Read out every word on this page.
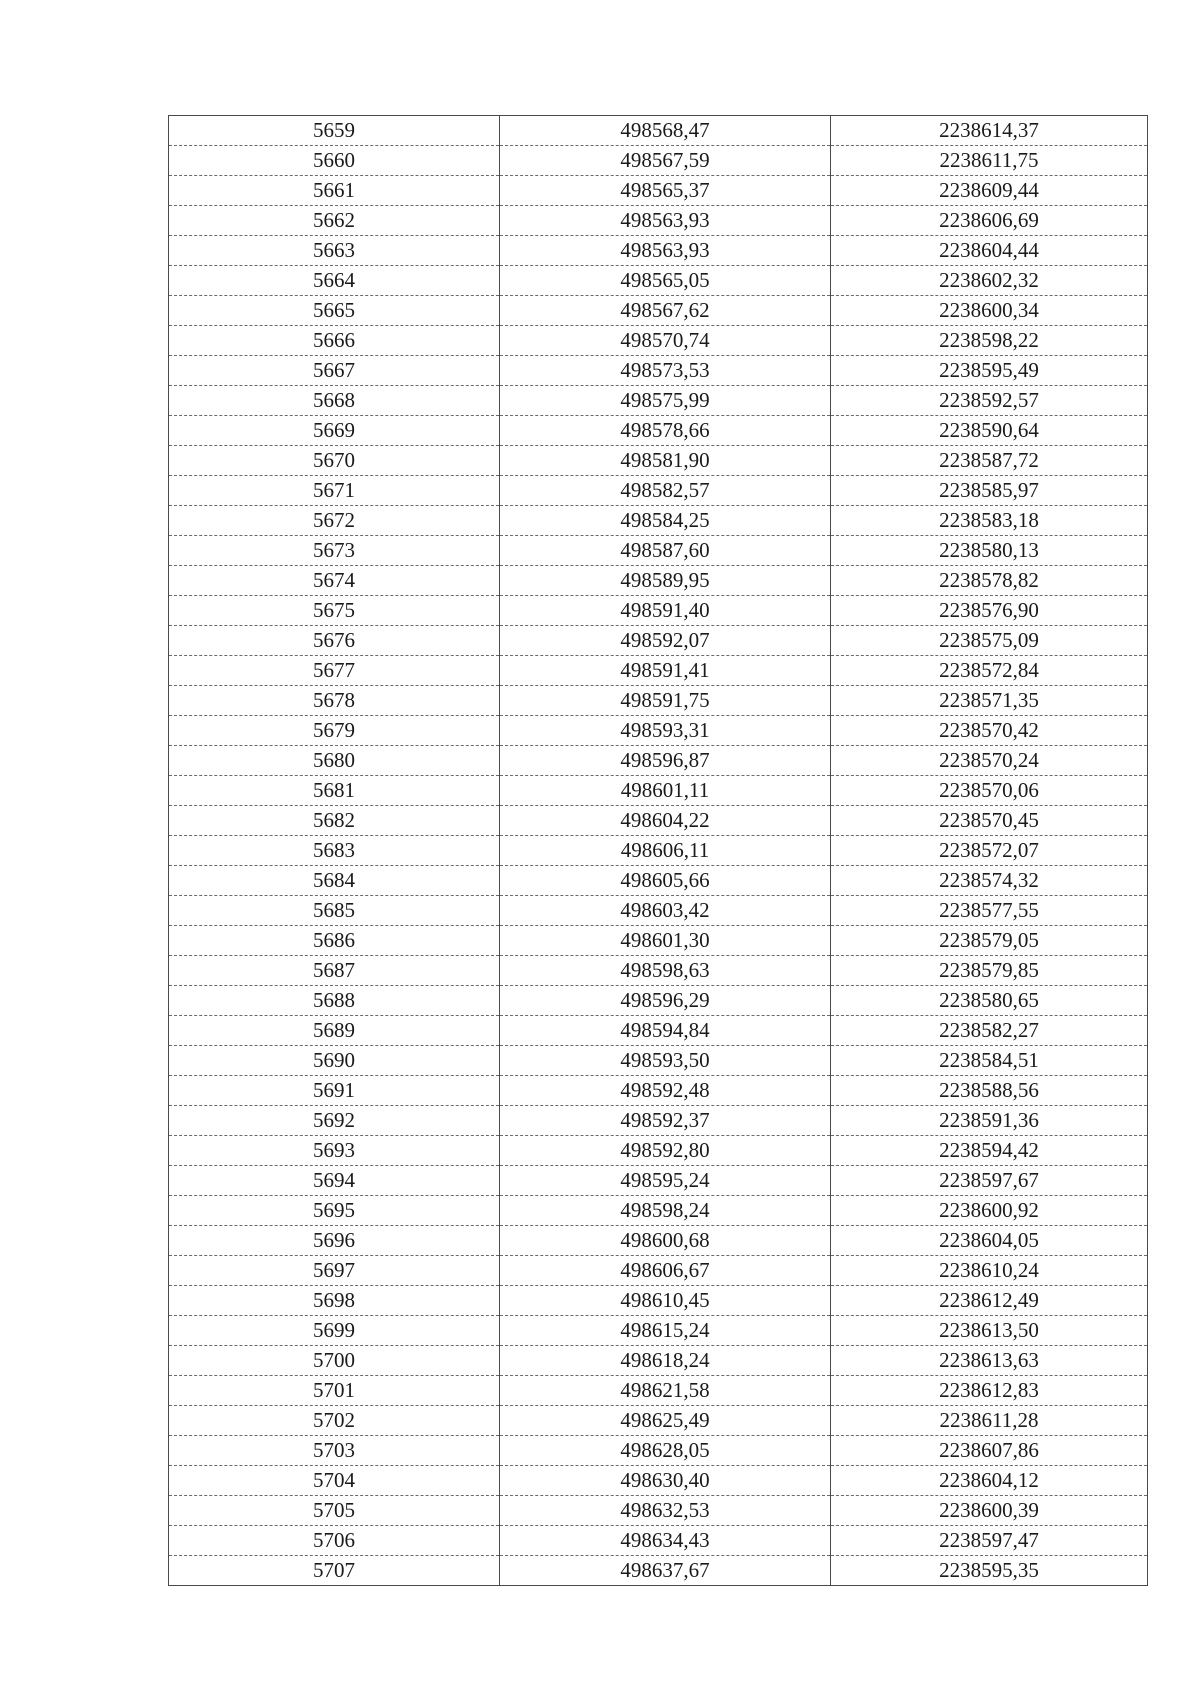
5659	498568,47	2238614,37
5660	498567,59	2238611,75
5661	498565,37	2238609,44
5662	498563,93	2238606,69
5663	498563,93	2238604,44
5664	498565,05	2238602,32
5665	498567,62	2238600,34
5666	498570,74	2238598,22
5667	498573,53	2238595,49
5668	498575,99	2238592,57
5669	498578,66	2238590,64
5670	498581,90	2238587,72
5671	498582,57	2238585,97
5672	498584,25	2238583,18
5673	498587,60	2238580,13
5674	498589,95	2238578,82
5675	498591,40	2238576,90
5676	498592,07	2238575,09
5677	498591,41	2238572,84
5678	498591,75	2238571,35
5679	498593,31	2238570,42
5680	498596,87	2238570,24
5681	498601,11	2238570,06
5682	498604,22	2238570,45
5683	498606,11	2238572,07
5684	498605,66	2238574,32
5685	498603,42	2238577,55
5686	498601,30	2238579,05
5687	498598,63	2238579,85
5688	498596,29	2238580,65
5689	498594,84	2238582,27
5690	498593,50	2238584,51
5691	498592,48	2238588,56
5692	498592,37	2238591,36
5693	498592,80	2238594,42
5694	498595,24	2238597,67
5695	498598,24	2238600,92
5696	498600,68	2238604,05
5697	498606,67	2238610,24
5698	498610,45	2238612,49
5699	498615,24	2238613,50
5700	498618,24	2238613,63
5701	498621,58	2238612,83
5702	498625,49	2238611,28
5703	498628,05	2238607,86
5704	498630,40	2238604,12
5705	498632,53	2238600,39
5706	498634,43	2238597,47
5707	498637,67	2238595,35
